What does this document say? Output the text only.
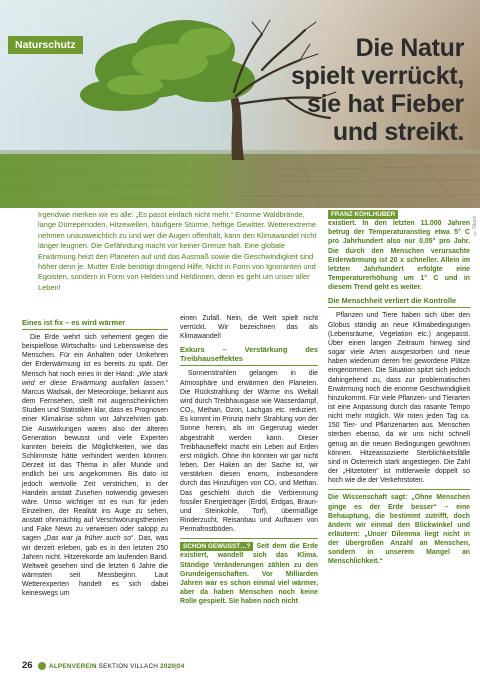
Naturschutz	Die Natur
spielt verrückt,
sie hat Fieber
und streikt.
©iStock
Irgendwie merken wir es alle: „Es passt einfach nicht mehr.“ Enorme Waldbrände, lange Dürreperioden, Hitzewellen, häufigere Stürme, heftige Gewitter. Wetterextreme nehmen unausweichlich zu und wer die Augen offenhält, kann den Klimawandel nicht länger leugnen. Die Gefährdung macht vor keiner Grenze halt. Eine globale Erwärmung heizt den Planeten auf und das Ausmaß sowie die Geschwindigkeit sind höher denn je. Mutter Erde benötigt dringend Hilfe. Nicht in Form von Ignoranten und Egoisten, sondern in Form von Helden und Heldinnen, denn es geht um unser aller Leben!
Eines ist fix – es wird wärmer

Die Erde wehrt sich vehement gegen die beispiellose Wirtschafts- und Lebensweise des Menschen. Für ein Anhalten oder Umkehren der Erderwärmung ist es bereits zu spät. Der Mensch hat noch eines in der Hand: „Wie stark wird er diese Erwärmung ausfallen lassen.“ Marcus Wadsak, der Meteorologe, bekannt aus dem Fernsehen, stellt mit augenscheinlichen Studien und Statistiken klar, dass es Prognosen einer Klimakrise schon vor Jahrzehnten gab. Die Auswirkungen waren also der älteren Generation bewusst und viele Experten kannten bereits die Möglichkeiten, wie das Schlimmste hätte verhindert werden können. Derzeit ist das Thema in aller Munde und endlich bei uns angekommen. Bis dato ist jedoch wertvolle Zeit verstrichen, in der Handeln anstatt Zusehen notwendig gewesen wäre. Umso wichtiger ist es nun für jeden Einzelnen, der Realität ins Auge zu sehen, anstatt ohnmächtig auf Verschwörungstheorien und Fake News zu verweisen oder salopp zu sagen „Das war ja früher auch so“. Das, was wir derzeit erleben, gab es in den letzten 250 Jahren nicht. Hitzerekorde am laufenden Band. Weltweit gesehen sind die letzten 6 Jahre die wärmsten seit Messbeginn. Laut Wetterexperten handelt es sich dabei keineswegs um

einen Zufall. Nein, die Welt spielt nicht verrückt. Wir bezeichnen das als Klimawandel!

Exkurs – Verstärkung des Treibhauseffektes

Sonnenstrahlen gelangen in die Atmosphäre und erwärmen den Planeten. Die Rückstrahlung der Wärme ins Weltall wird durch Treibhausgase wie Wasserdampf, CO₂, Methan, Ozon, Lachgas etc. reduziert. Es kommt im Prinzip mehr Strahlung von der Sonne herein, als im Gegenzug wieder abgestrahlt werden kann. Dieser Treibhauseffekt macht ein Leben auf Erden erst möglich. Ohne ihn könnten wir gar nicht leben. Der Haken an der Sache ist, wir verstärken diesen enorm, insbesondere durch das Hinzufügen von CO₂ und Methan. Das geschieht durch die Verbrennung fossiler Energieträger (Erdöl, Erdgas, Braun- und Steinkohle, Torf), übermäßige Rinderzucht, Reisanbau und Auftauen von Permafrostböden.

SCHON GEWUSST…? Seit dem die Erde existiert, wandelt sich das Klima. Ständige Veränderungen zählen zu den Grundeigenschaften. Vor Milliarden Jahren war es schon einmal viel wärmer, aber da haben Menschen noch keine Rolle gespielt. Sie haben noch nicht

FRANZ KOHLHUBER
existiert. In den letzten 11.000 Jahren betrug der Temperaturanstieg etwa 5° C pro Jahrhundert also nur 0,05° pro Jahr. Die durch den Menschen verursachte Erderwärmung ist 20 x schneller. Allein im letzten Jahrhundert erfolgte eine Temperaturerhöhung um 1° C und in diesem Trend geht es weiter.

Die Menschheit verliert die Kontrolle

Pflanzen und Tiere haben sich über den Globus ständig an neue Klimabedingungen (Lebensräume, Vegetation etc.) angepasst. Über einen langen Zeitraum hinweg sind sogar viele Arten ausgestorben und neue haben wiederum deren frei gewordene Plätze eingenommen. Die Situation spitzt sich jedoch dahingehend zu, dass zur problematischen Erwärmung noch die enorme Geschwindigkeit hinzukommt. Für viele Pflanzen- und Tierarten ist eine Anpassung durch das rasante Tempo nicht mehr möglich. Wir roten jeden Tag ca. 150 Tier- und Pflanzenarten aus. Menschen sterben ebenso, da wir uns nicht schnell genug an die neuen Bedingungen gewöhnen können. Hitzeassoziierte Sterblichkeitsfälle sind in Österreich stark angestiegen. Die Zahl der „Hitzetoten“ ist mittlerweile doppelt so hoch wie die der Verkehrstoten.

Die Wissenschaft sagt: „Ohne Menschen ginge es der Erde besser“ – eine Behauptung, die bestimmt zutrifft, doch ändern wir einmal den Blickwinkel und erläutern: „Unser Dilemma liegt nicht in der übergroßen Anzahl an Menschen, sondern in unserem Mangel an Menschlichkeit.“

26	ALPENVEREIN SEKTION VILLACH 2020|04
